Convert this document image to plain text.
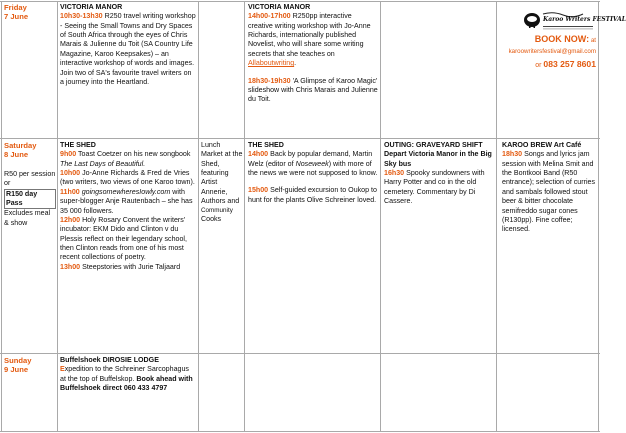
Friday
7 June
VICTORIA MANOR

10h30-13h30 R250 travel writing workshop - Seeing the Small Towns and Dry Spaces of South Africa through the eyes of Chris Marais & Julienne du Toit (SA Country Life Magazine, Karoo Keepsakes) – an interactive workshop of words and images. Join two of SA's favourite travel writers on a journey into the Heartland.

VICTORIA MANOR

14h00-17h00 R250pp interactive creative writing workshop with Jo-Anne Richards, internationally published Novelist, who will share some writing secrets that she teaches on Allaboutwriting.

18h30-19h30 'A Glimpse of Karoo Magic' slideshow with Chris Marais and Julienne du Toit.

Karoo Writers FESTIVAL

BOOK NOW: at

karoowritersfestival@gmail.com

or 083 257 8601

Saturday
8 June
R50 per session or
R150 day Pass
Excludes meal & show
THE SHED

9h00 Toast Coetzer on his new songbook The Last Days of Beautiful.

10h00 Jo-Anne Richards & Fred de Vries (two writers, two views of one Karoo town).

11h00 goingsomewheresIowly.com with super-blogger Anje Rautenbach – she has 35 000 followers.

12h00 Holy Rosary Convent the writers' incubator: EKM Dido and Clinton v du Plessis reflect on their legendary school, then Clinton reads from one of his most recent collections of poetry.

13h00 Steepstories with Jurie Taljaard

Lunch Market at the Shed, featuring Artist Annerie, Authors and
Community
Cooks
THE SHED

14h00 Back by popular demand, Martin Welz (editor of Noseweek) with more of the news we were not supposed to know.

15h00 Self-guided excursion to Oukop to hunt for the plants Olive Schreiner loved.

OUTING: GRAVEYARD SHIFT Depart Victoria Manor in the Big Sky bus

16h30 Spooky sundowners with Harry Potter and co in the old cemetery. Commentary by Di Cassere.

KAROO BREW Art Café

18h30 Songs and lyrics jam session with Melina Smit and the Bontkooi Band (R50 entrance); selection of curries and sambals followed stout beer & bitter chocolate semifreddo sugar cones (R130pp). Fine coffee; licensed.

Sunday
9 June
Buffelshoek DIROSIE LODGE

Expedition to the Schreiner Sarcophagus at the top of Buffelskop. Book ahead with Buffelshoek direct 060 433 4797
